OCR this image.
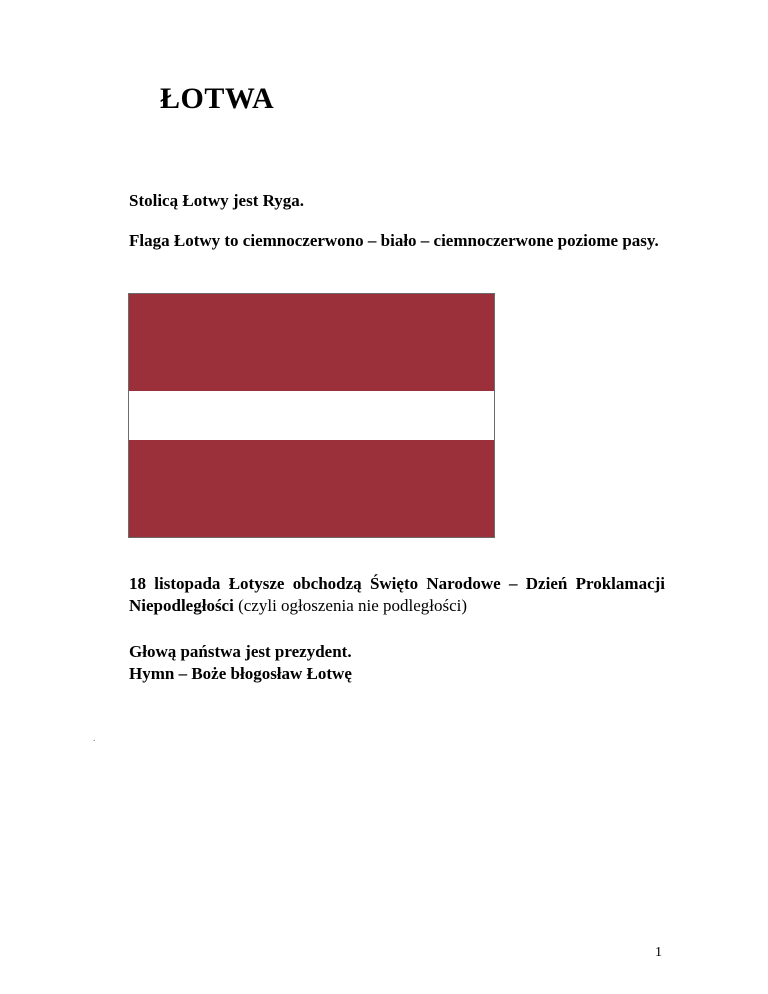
ŁOTWA

Stolicą Łotwy jest Ryga.

Flaga Łotwy to ciemnoczerwono – biało – ciemnoczerwone poziome pasy.

18 listopada Łotysze obchodzą Święto Narodowe – Dzień Proklamacji Niepodległości (czyli ogłoszenia nie podległości)

Głową państwa jest prezydent.
Hymn – Boże błogosław Łotwę

.
1
